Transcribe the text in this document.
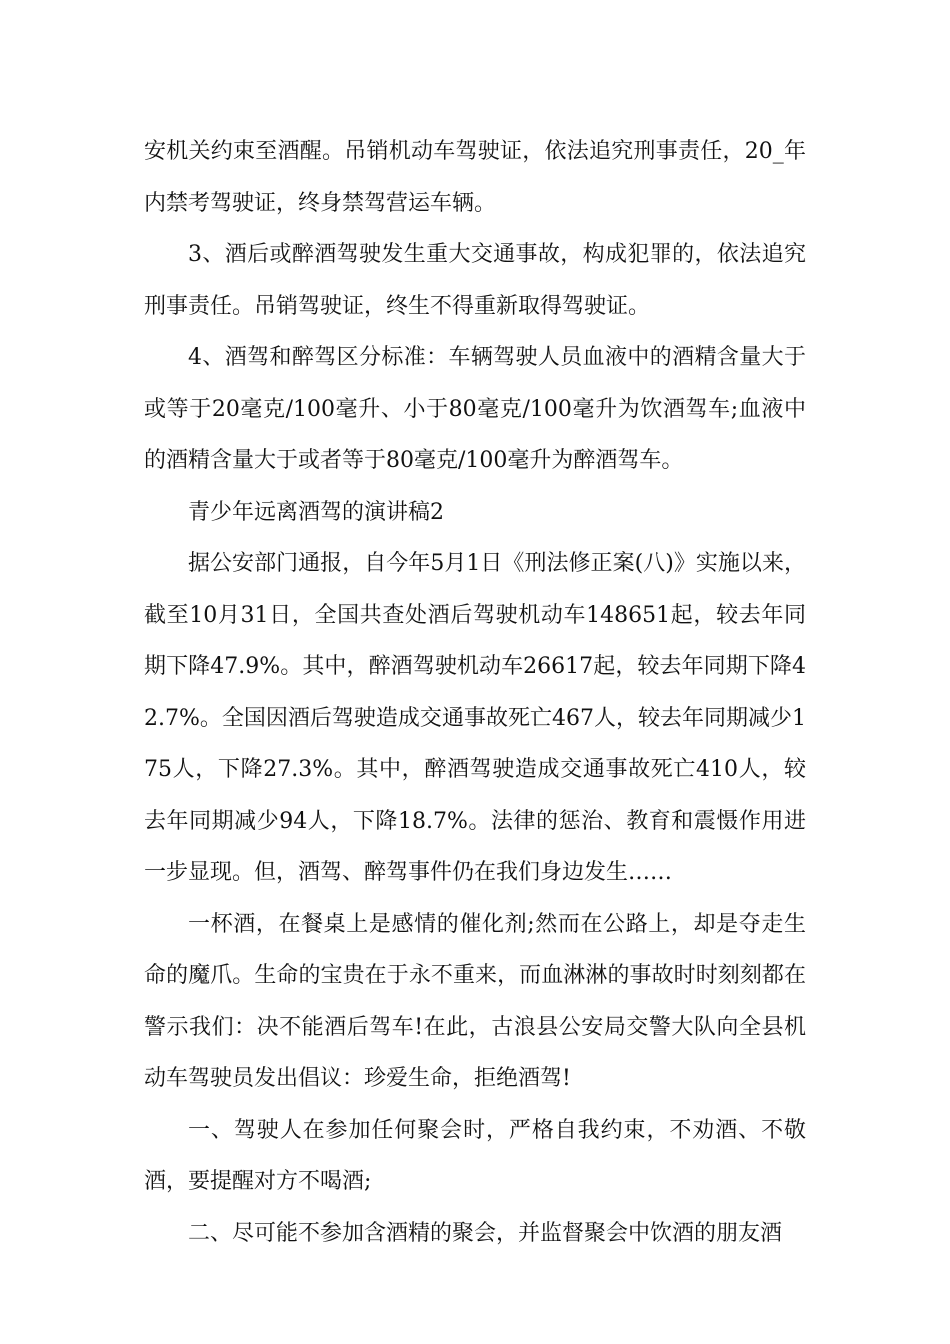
安机关约束至酒醒。吊销机动车驾驶证，依法追究刑事责任，20_年内禁考驾驶证，终身禁驾营运车辆。

3、酒后或醉酒驾驶发生重大交通事故，构成犯罪的，依法追究刑事责任。吊销驾驶证，终生不得重新取得驾驶证。

4、酒驾和醉驾区分标准：车辆驾驶人员血液中的酒精含量大于或等于20毫克/100毫升、小于80毫克/100毫升为饮酒驾车;血液中的酒精含量大于或者等于80毫克/100毫升为醉酒驾车。

青少年远离酒驾的演讲稿2

据公安部门通报，自今年5月1日《刑法修正案(八)》实施以来，截至10月31日，全国共查处酒后驾驶机动车148651起，较去年同期下降47.9%。其中，醉酒驾驶机动车26617起，较去年同期下降42.7%。全国因酒后驾驶造成交通事故死亡467人，较去年同期减少175人，下降27.3%。其中，醉酒驾驶造成交通事故死亡410人，较去年同期减少94人，下降18.7%。法律的惩治、教育和震慑作用进一步显现。但，酒驾、醉驾事件仍在我们身边发生……

一杯酒，在餐桌上是感情的催化剂;然而在公路上，却是夺走生命的魔爪。生命的宝贵在于永不重来，而血淋淋的事故时时刻刻都在警示我们：决不能酒后驾车!在此，古浪县公安局交警大队向全县机动车驾驶员发出倡议：珍爱生命，拒绝酒驾!

一、驾驶人在参加任何聚会时，严格自我约束，不劝酒、不敬酒，要提醒对方不喝酒;

二、尽可能不参加含酒精的聚会，并监督聚会中饮酒的朋友酒
